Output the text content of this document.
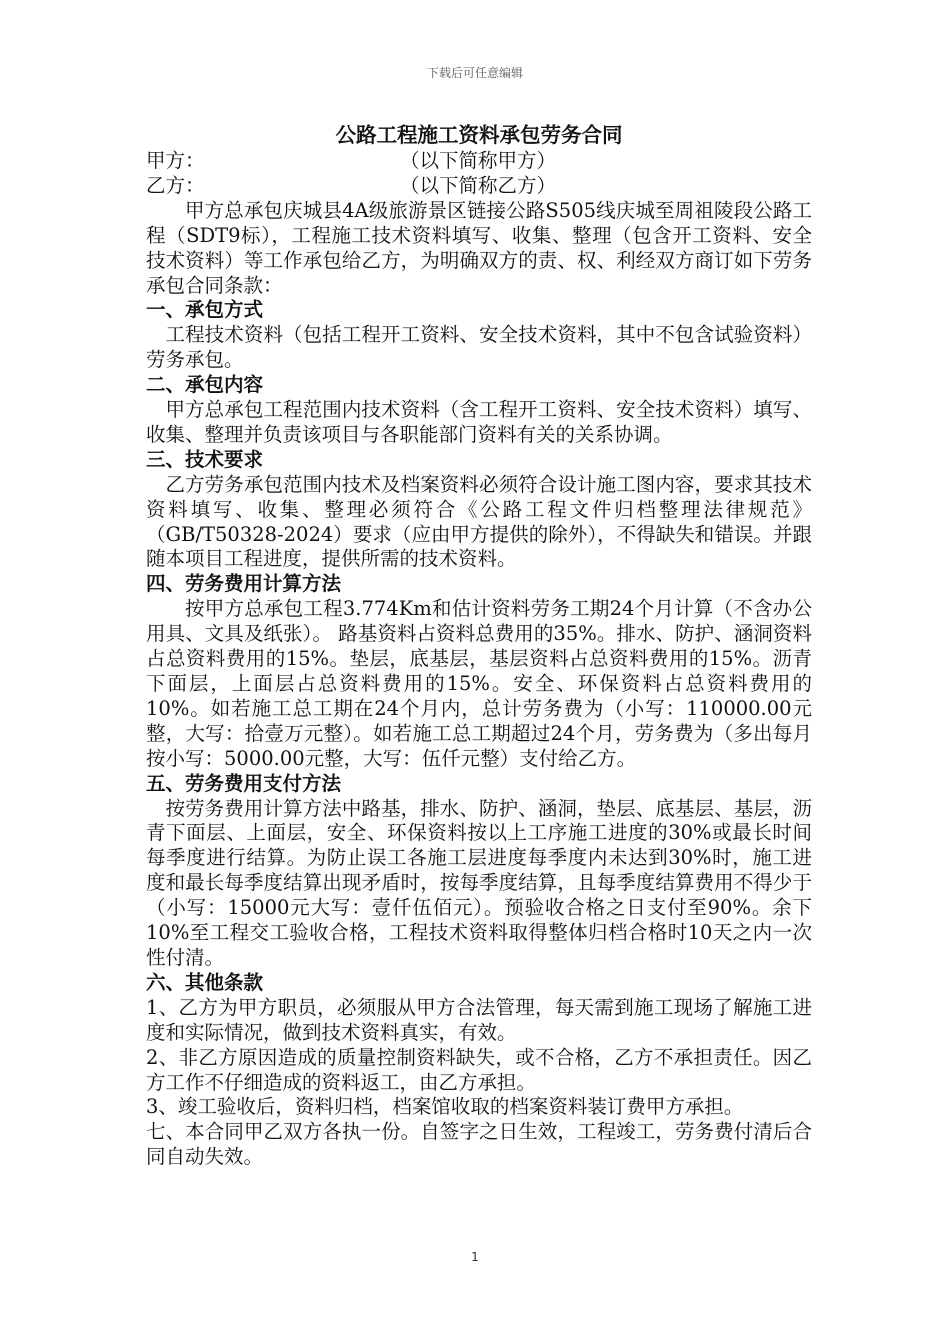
下载后可任意编辑

公路工程施工资料承包劳务合同

甲方：	（以下简称甲方）
乙方：	（以下简称乙方）

甲方总承包庆城县4A级旅游景区链接公路S505线庆城至周祖陵段公路工程（SDT9标），工程施工技术资料填写、收集、整理（包含开工资料、安全技术资料）等工作承包给乙方，为明确双方的责、权、利经双方商订如下劳务承包合同条款：

一、承包方式

工程技术资料（包括工程开工资料、安全技术资料，其中不包含试验资料）劳务承包。

二、承包内容

甲方总承包工程范围内技术资料（含工程开工资料、安全技术资料）填写、收集、整理并负责该项目与各职能部门资料有关的关系协调。

三、技术要求

乙方劳务承包范围内技术及档案资料必须符合设计施工图内容，要求其技术资料填写、收集、整理必须符合《公路工程文件归档整理法律规范》（GB/T50328-2024）要求（应由甲方提供的除外），不得缺失和错误。并跟随本项目工程进度，提供所需的技术资料。

四、劳务费用计算方法

按甲方总承包工程3.774Km和估计资料劳务工期24个月计算（不含办公用具、文具及纸张）。 路基资料占资料总费用的35%。排水、防护、涵洞资料占总资料费用的15%。垫层，底基层，基层资料占总资料费用的15%。沥青下面层，上面层占总资料费用的15%。安全、环保资料占总资料费用的10%。如若施工总工期在24个月内，总计劳务费为（小写：110000.00元整，大写：拾壹万元整）。如若施工总工期超过24个月，劳务费为（多出每月按小写：5000.00元整，大写：伍仟元整）支付给乙方。

五、劳务费用支付方法

按劳务费用计算方法中路基，排水、防护、涵洞，垫层、底基层、基层，沥青下面层、上面层，安全、环保资料按以上工序施工进度的30%或最长时间每季度进行结算。为防止误工各施工层进度每季度内未达到30%时，施工进度和最长每季度结算出现矛盾时，按每季度结算，且每季度结算费用不得少于（小写：15000元大写：壹仟伍佰元）。预验收合格之日支付至90%。余下10%至工程交工验收合格，工程技术资料取得整体归档合格时10天之内一次性付清。

六、其他条款

1、乙方为甲方职员，必须服从甲方合法管理，每天需到施工现场了解施工进度和实际情况，做到技术资料真实，有效。

2、非乙方原因造成的质量控制资料缺失，或不合格，乙方不承担责任。因乙方工作不仔细造成的资料返工，由乙方承担。

3、竣工验收后，资料归档，档案馆收取的档案资料装订费甲方承担。

七、本合同甲乙双方各执一份。自签字之日生效，工程竣工，劳务费付清后合同自动失效。

1
